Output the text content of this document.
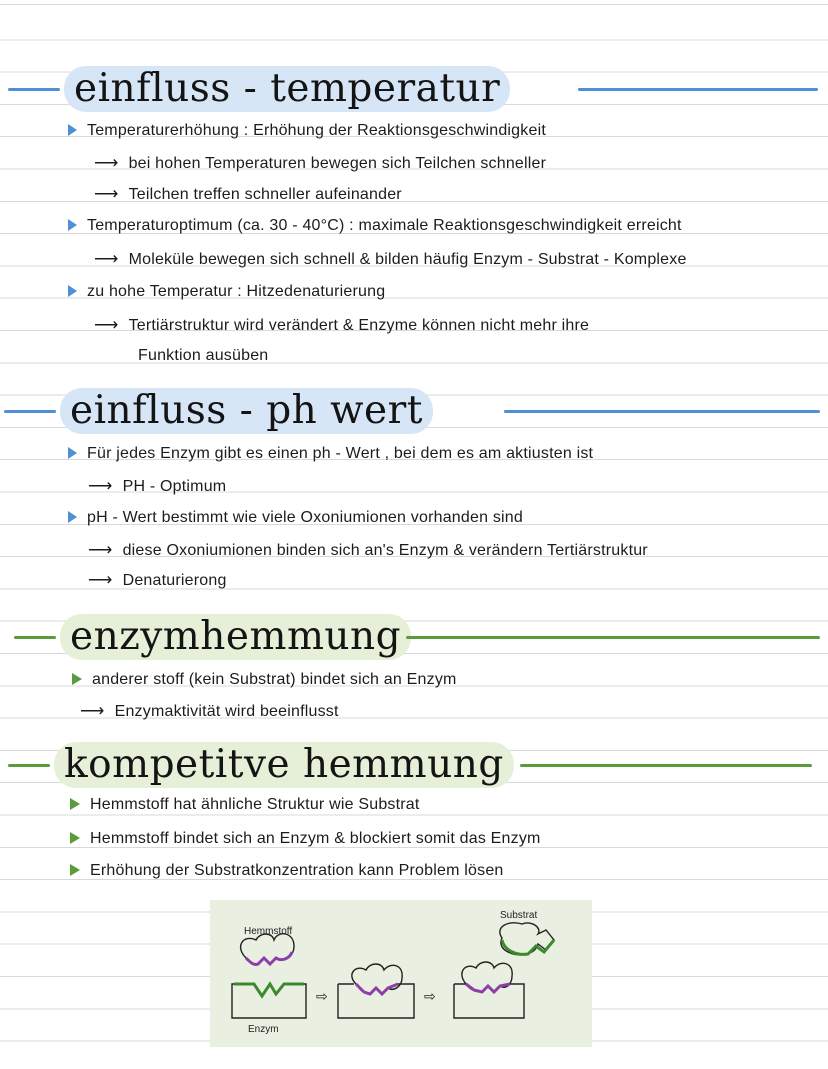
einfluss - temperatur
Temperaturerhöhung : Erhöhung der Reaktionsgeschwindigkeit
⟶ bei hohen Temperaturen bewegen sich Teilchen schneller
⟶ Teilchen treffen schneller aufeinander
Temperaturoptimum (ca. 30 - 40°C) : maximale Reaktionsgeschwindigkeit erreicht
⟶ Moleküle bewegen sich schnell & bilden häufig Enzym - Substrat - Komplexe
zu hohe Temperatur : Hitzedenaturierung
⟶ Tertiärstruktur wird verändert & Enzyme können nicht mehr ihre
Funktion ausüben
einfluss - ph wert
Für jedes Enzym gibt es einen ph - Wert , bei dem es am aktiusten ist
⟶ PH - Optimum
pH - Wert bestimmt wie viele Oxoniumionen vorhanden sind
⟶ diese Oxoniumionen binden sich an's Enzym & verändern Tertiärstruktur
⟶ Denaturierong
enzymhemmung
anderer stoff (kein Substrat) bindet sich an Enzym
⟶ Enzymaktivität wird beeinflusst
kompetitve hemmung
Hemmstoff hat ähnliche Struktur wie Substrat
Hemmstoff bindet sich an Enzym & blockiert somit das Enzym
Erhöhung der Substratkonzentration kann Problem lösen
Hemmstoff
Substrat
Enzym
⇨	⇨
